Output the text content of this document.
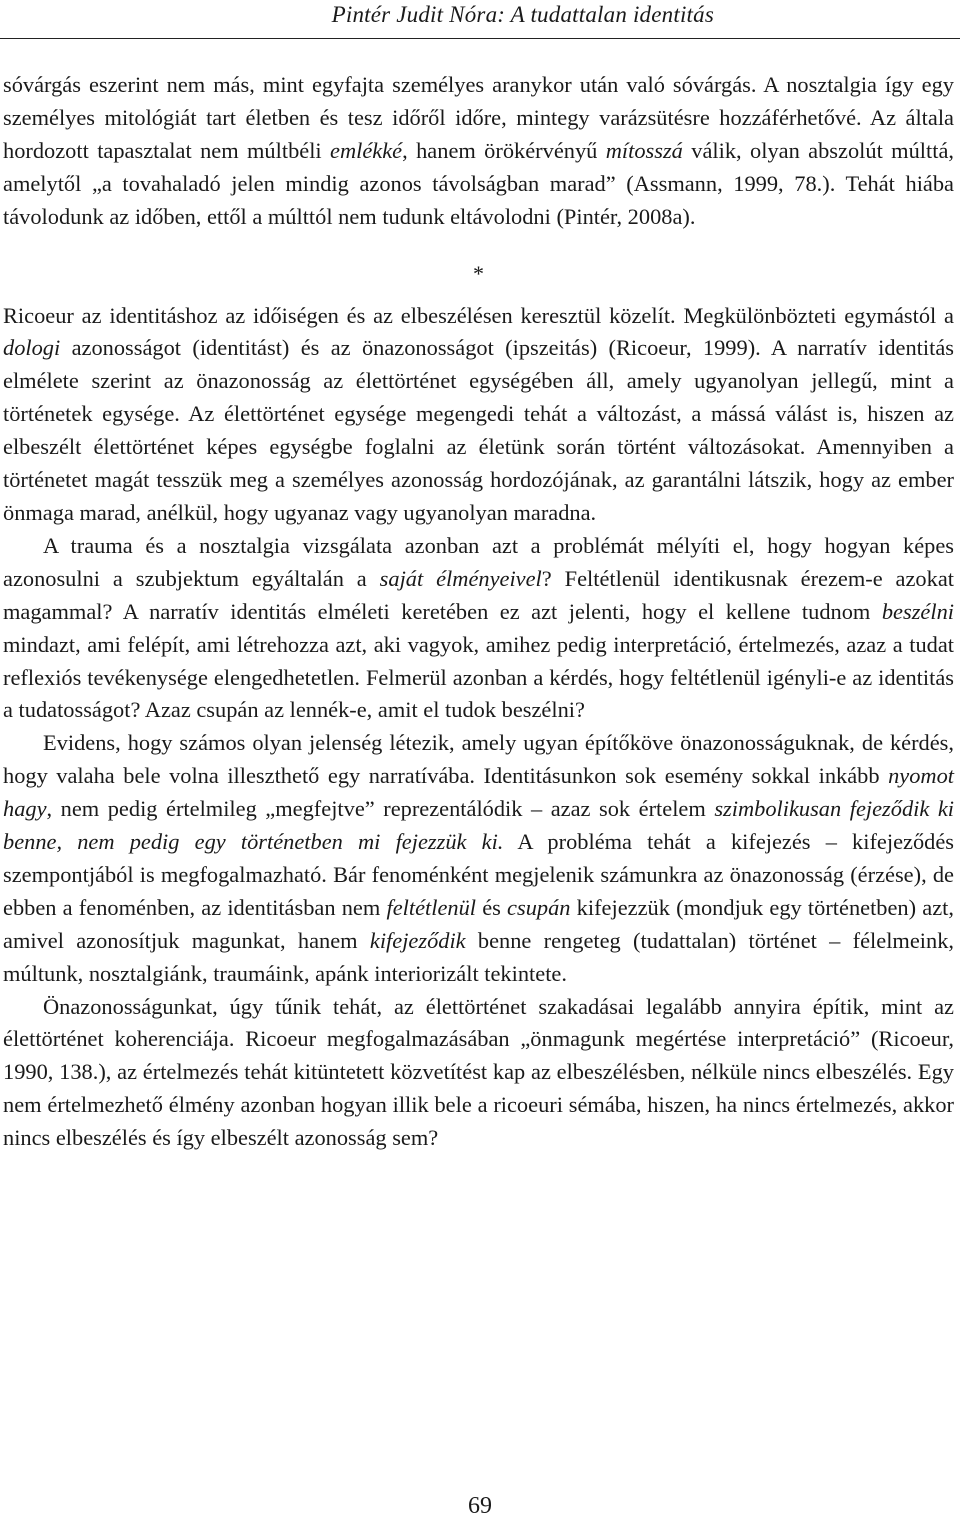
Pintér Judit Nóra: A tudattalan identitás

sóvárgás eszerint nem más, mint egyfajta személyes aranykor után való sóvárgás. A nosztalgia így egy személyes mitológiát tart életben és tesz időről időre, mintegy varázsütésre hozzáférhetővé. Az általa hordozott tapasztalat nem múltbéli emlékké, hanem örökérvényű mítosszá válik, olyan abszolút múlttá, amelytől „a tovahaladó jelen mindig azonos távolságban marad” (Assmann, 1999, 78.). Tehát hiába távolodunk az időben, ettől a múlttól nem tudunk eltávolodni (Pintér, 2008a).

*

Ricoeur az identitáshoz az időiségen és az elbeszélésen keresztül közelít. Megkülönbözteti egymástól a dologi azonosságot (identitást) és az önazonosságot (ipszeitás) (Ricoeur, 1999). A narratív identitás elmélete szerint az önazonosság az élettörténet egységében áll, amely ugyanolyan jellegű, mint a történetek egysége. Az élettörténet egysége megengedi tehát a változást, a mássá válást is, hiszen az elbeszélt élettörténet képes egységbe foglalni az életünk során történt változásokat. Amennyiben a történetet magát tesszük meg a személyes azonosság hordozójának, az garantálni látszik, hogy az ember önmaga marad, anélkül, hogy ugyanaz vagy ugyanolyan maradna.

A trauma és a nosztalgia vizsgálata azonban azt a problémát mélyíti el, hogy hogyan képes azonosulni a szubjektum egyáltalán a saját élményeivel? Feltétlenül identikusnak érezem-e azokat magammal? A narratív identitás elméleti keretében ez azt jelenti, hogy el kellene tudnom beszélni mindazt, ami felépít, ami létrehozza azt, aki vagyok, amihez pedig interpretáció, értelmezés, azaz a tudat reflexiós tevékenysége elengedhetetlen. Felmerül azonban a kérdés, hogy feltétlenül igényli-e az identitás a tudatosságot? Azaz csupán az lennék-e, amit el tudok beszélni?

Evidens, hogy számos olyan jelenség létezik, amely ugyan építőköve önazonosságuknak, de kérdés, hogy valaha bele volna illeszthető egy narratívába. Identitásunkon sok esemény sokkal inkább nyomot hagy, nem pedig értelmileg „megfejtve” reprezentálódik – azaz sok értelem szimbolikusan fejeződik ki benne, nem pedig egy történetben mi fejezzük ki. A probléma tehát a kifejezés – kifejeződés szempontjából is megfogalmazható. Bár fenoménként megjelenik számunkra az önazonosság (érzése), de ebben a fenoménben, az identitásban nem feltétlenül és csupán kifejezzük (mondjuk egy történetben) azt, amivel azonosítjuk magunkat, hanem kifejeződik benne rengeteg (tudattalan) történet – félelmeink, múltunk, nosztalgiánk, traumáink, apánk interiorizált tekintete.

Önazonosságunkat, úgy tűnik tehát, az élettörténet szakadásai legalább annyira építik, mint az élettörténet koherenciája. Ricoeur megfogalmazásában „önmagunk megértése interpretáció” (Ricoeur, 1990, 138.), az értelmezés tehát kitüntetett közvetítést kap az elbeszélésben, nélküle nincs elbeszélés. Egy nem értelmezhető élmény azonban hogyan illik bele a ricoeuri sémába, hiszen, ha nincs értelmezés, akkor nincs elbeszélés és így elbeszélt azonosság sem?

69
